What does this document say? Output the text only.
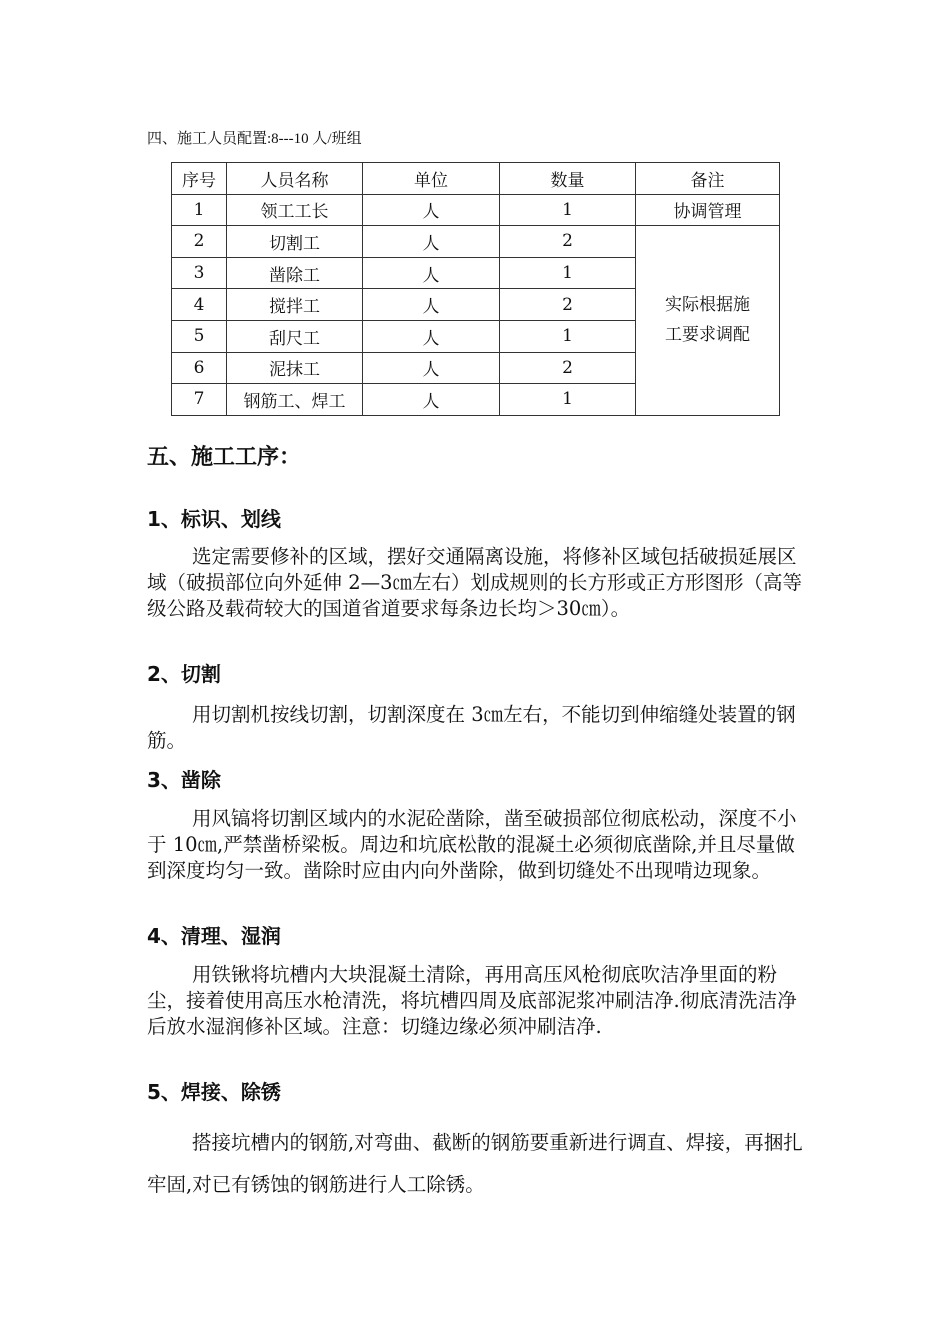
四、施工人员配置:8---10 人/班组
序号	人员名称	单位	数量	备注
1	领工工长	人	1	协调管理
2	切割工	人	2	实际根据施
工要求调配

3	凿除工	人	1	
4	搅拌工	人	2	
5	刮尺工	人	1	
6	泥抹工	人	2	
7	钢筋工、焊工	人	1	
五、施工工序：
1、标识、划线

选定需要修补的区域，摆好交通隔离设施，将修补区域包括破损延展区域（破损部位向外延伸 2—3㎝左右）划成规则的长方形或正方形图形（高等级公路及载荷较大的国道省道要求每条边长均＞30㎝）。

2、切割

用切割机按线切割，切割深度在 3㎝左右，不能切到伸缩缝处装置的钢筋。

3、凿除

用风镐将切割区域内的水泥砼凿除，凿至破损部位彻底松动，深度不小于 10㎝,严禁凿桥梁板。周边和坑底松散的混凝土必须彻底凿除,并且尽量做到深度均匀一致。凿除时应由内向外凿除，做到切缝处不出现啃边现象。

4、清理、湿润

用铁锹将坑槽内大块混凝土清除，再用高压风枪彻底吹洁净里面的粉尘，接着使用高压水枪清洗，将坑槽四周及底部泥浆冲刷洁净.彻底清洗洁净后放水湿润修补区域。注意：切缝边缘必须冲刷洁净.

5、焊接、除锈

搭接坑槽内的钢筋,对弯曲、截断的钢筋要重新进行调直、焊接，再捆扎牢固,对已有锈蚀的钢筋进行人工除锈。
